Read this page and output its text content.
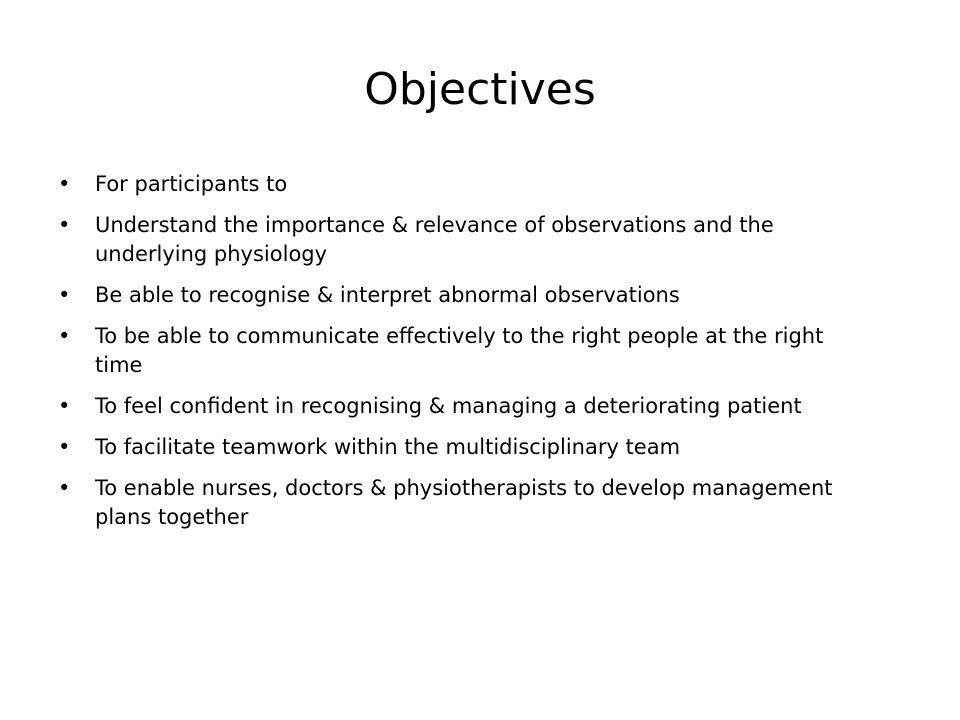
Objectives
•	For participants to
•	Understand the importance & relevance of observations and the underlying physiology
•	Be able to recognise & interpret abnormal observations
•	To be able to communicate effectively to the right people at the right time
•	To feel confident in recognising & managing a deteriorating patient
•	To facilitate teamwork within the multidisciplinary team
•	To enable nurses, doctors & physiotherapists to develop management plans together
